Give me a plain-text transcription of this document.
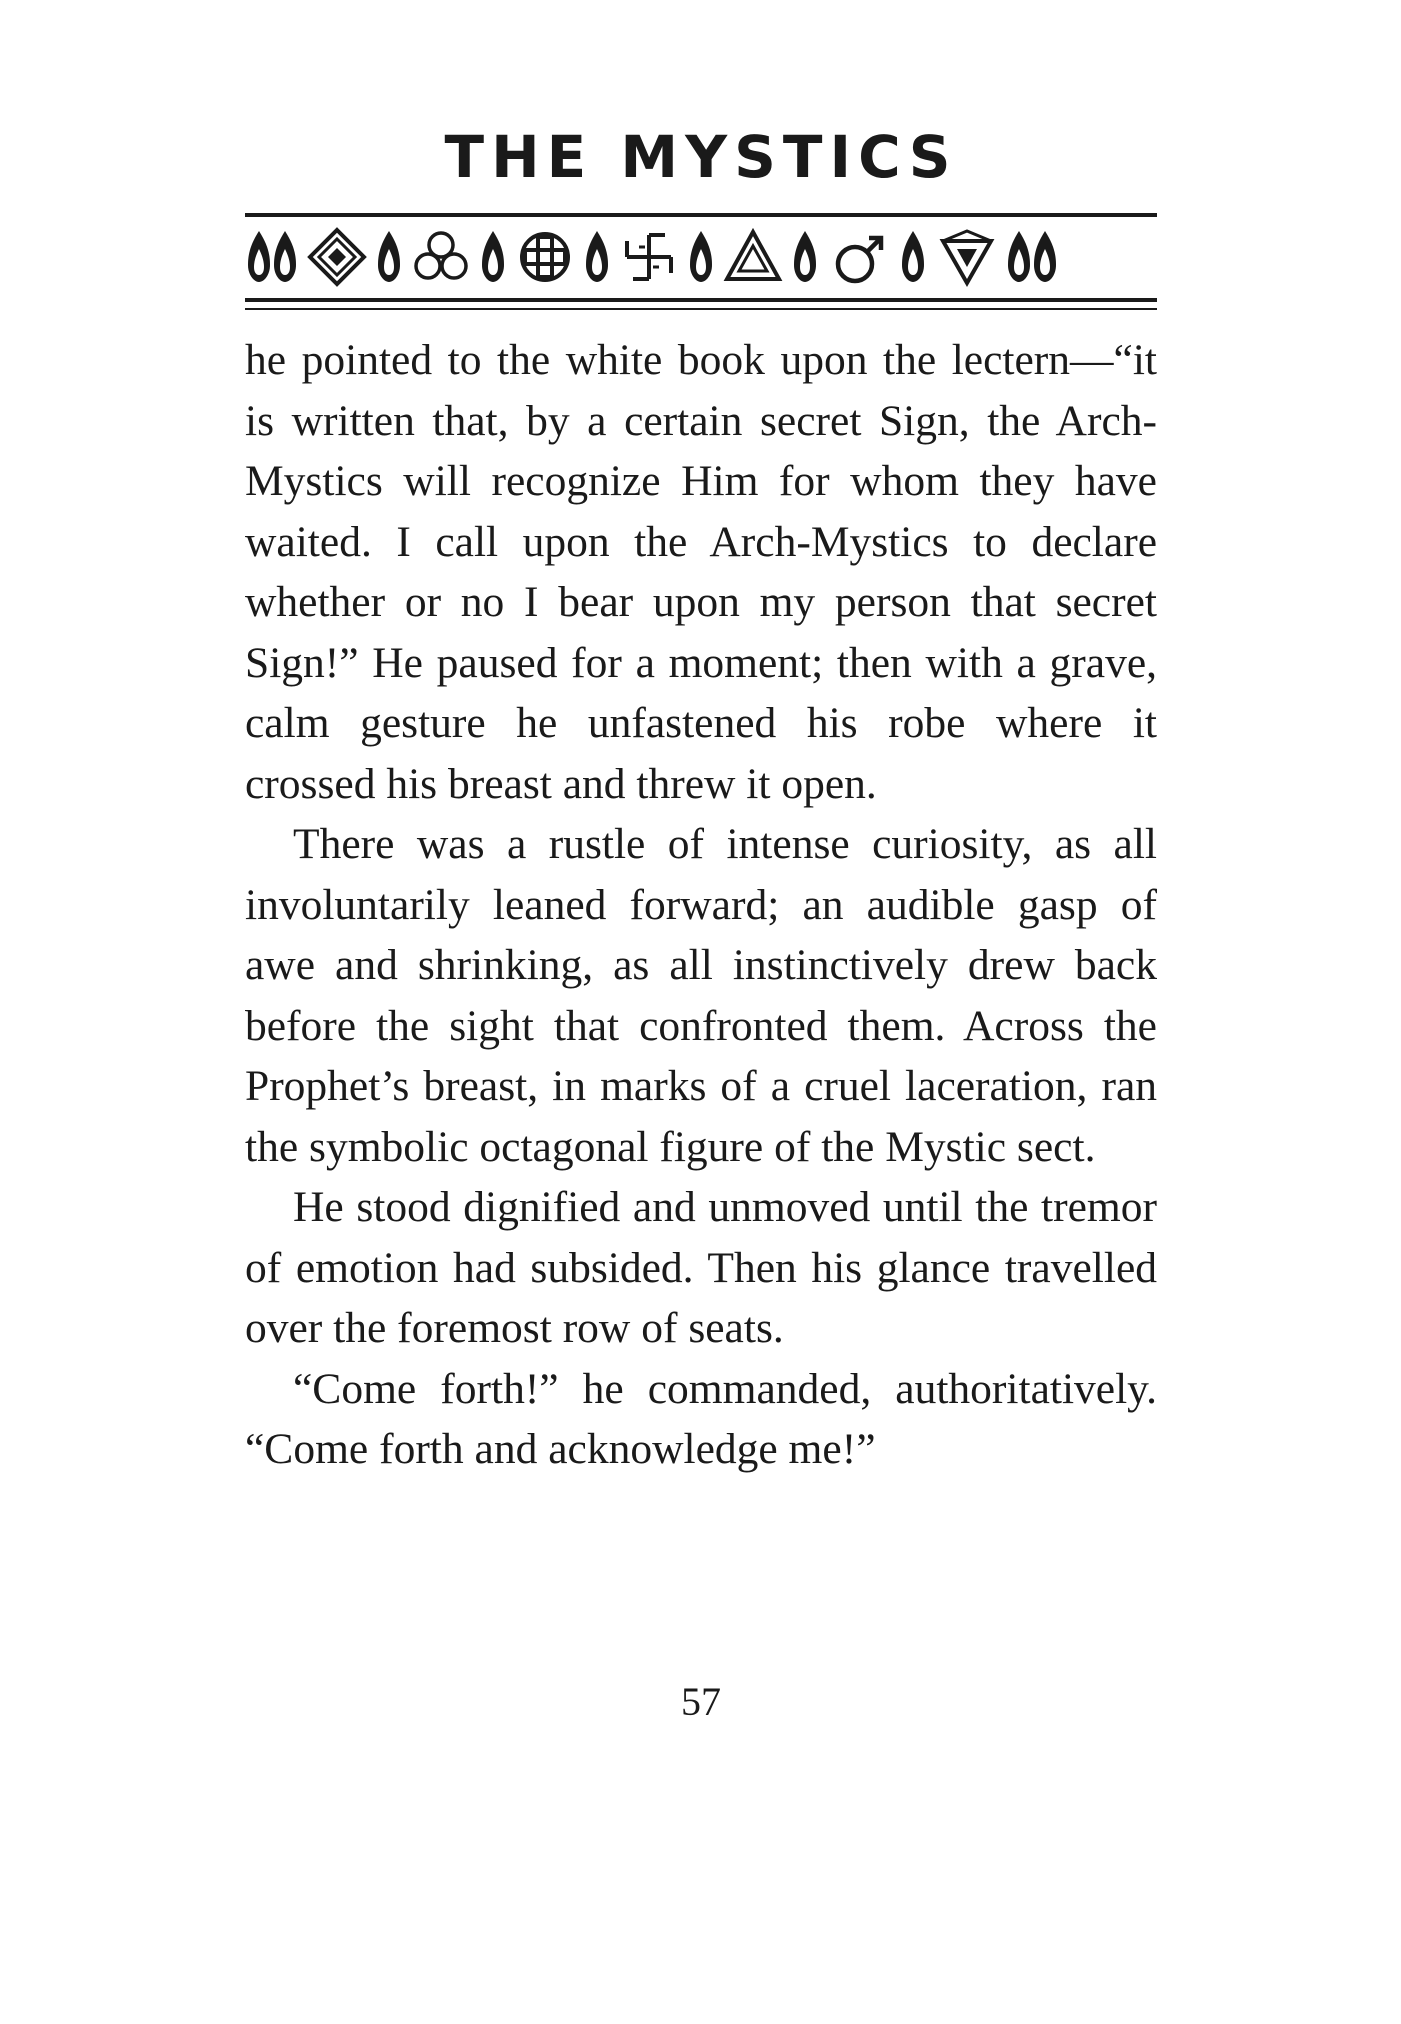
THE MYSTICS

he pointed to the white book upon the lectern—“it is written that, by a certain secret Sign, the Arch-Mystics will recognize Him for whom they have waited. I call upon the Arch-Mystics to declare whether or no I bear upon my person that secret Sign!” He paused for a moment; then with a grave, calm gesture he unfastened his robe where it crossed his breast and threw it open.

There was a rustle of intense curiosity, as all involuntarily leaned forward; an audible gasp of awe and shrinking, as all instinctively drew back before the sight that confronted them. Across the Prophet’s breast, in marks of a cruel laceration, ran the symbolic octagonal figure of the Mystic sect.

He stood dignified and unmoved until the tremor of emotion had subsided. Then his glance travelled over the foremost row of seats.

“Come forth!” he commanded, authoritatively. “Come forth and acknowledge me!”

57
